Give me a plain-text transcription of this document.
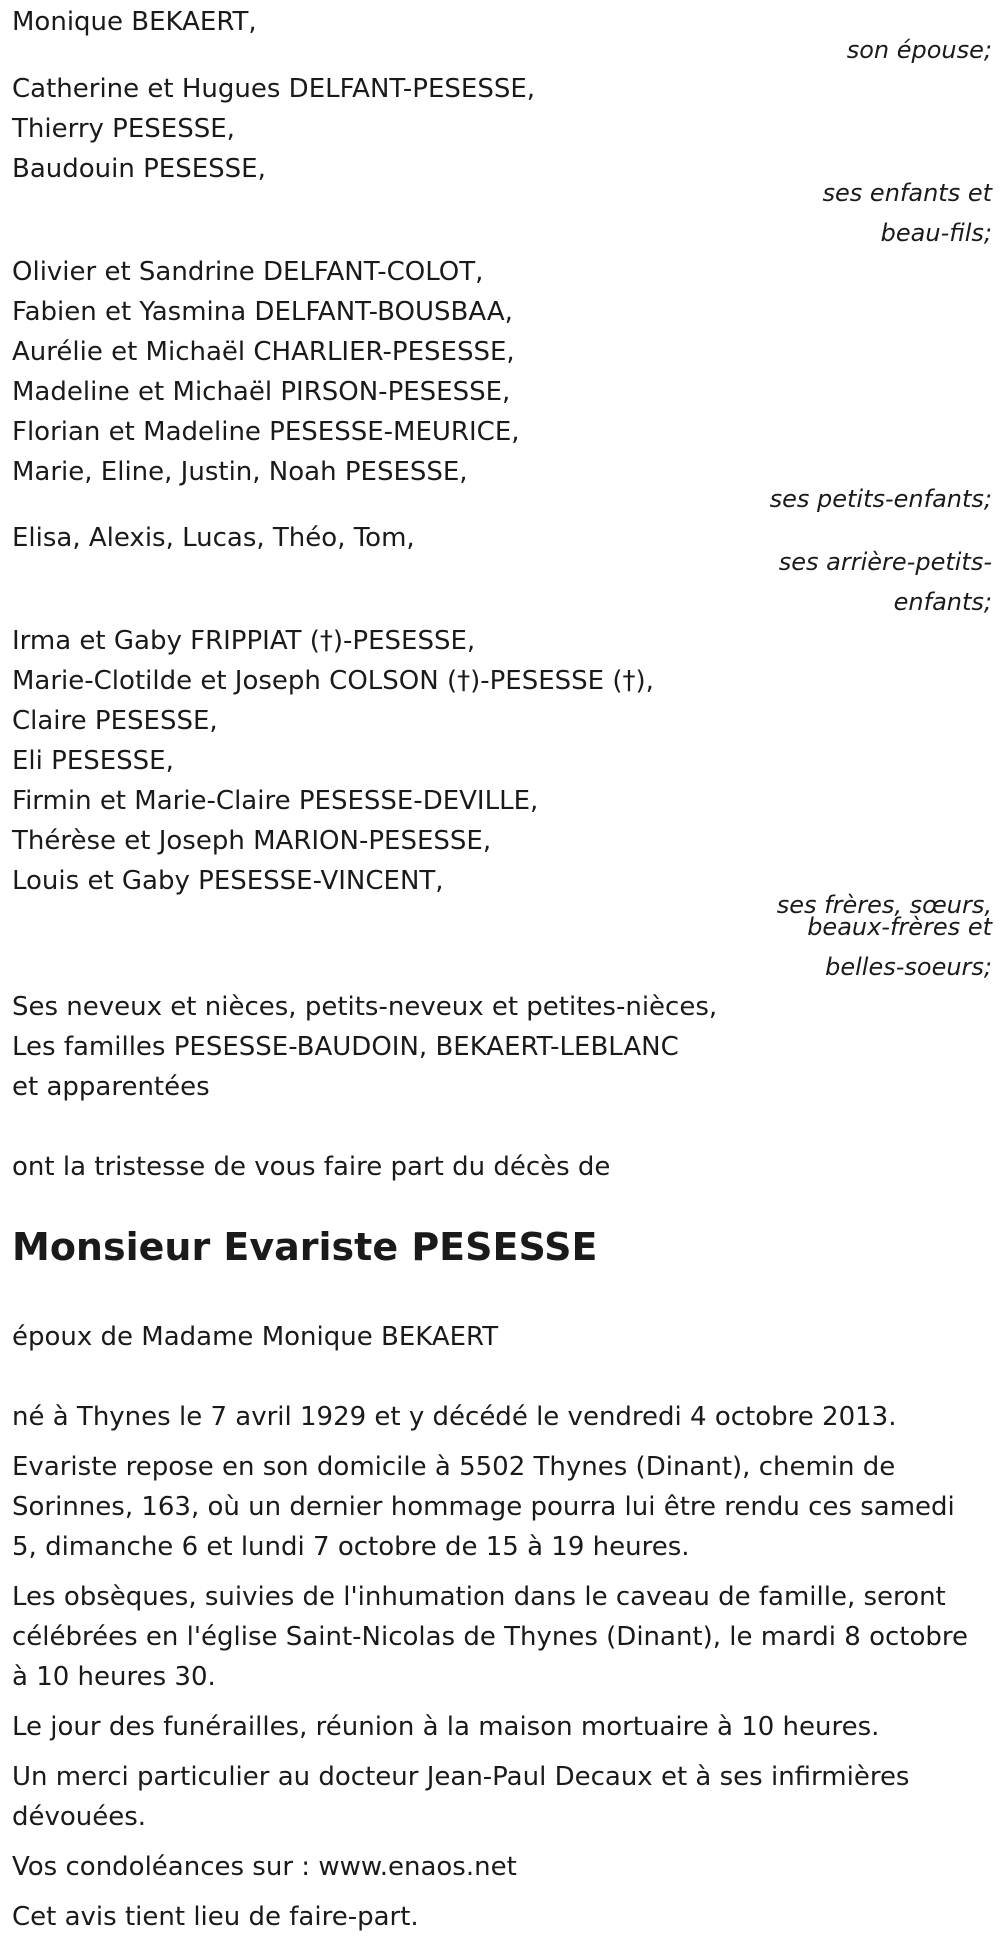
Monique BEKAERT,
son épouse;
Catherine et Hugues DELFANT-PESESSE,
Thierry PESESSE,
Baudouin PESESSE,
ses enfants et
beau-fils;
Olivier et Sandrine DELFANT-COLOT,
Fabien et Yasmina DELFANT-BOUSBAA,
Aurélie et Michaël CHARLIER-PESESSE,
Madeline et Michaël PIRSON-PESESSE,
Florian et Madeline PESESSE-MEURICE,
Marie, Eline, Justin, Noah PESESSE,
ses petits-enfants;
Elisa, Alexis, Lucas, Théo, Tom,
ses arrière-petits-
enfants;
Irma et Gaby FRIPPIAT (†)-PESESSE,
Marie-Clotilde et Joseph COLSON (†)-PESESSE (†),
Claire PESESSE,
Eli PESESSE,
Firmin et Marie-Claire PESESSE-DEVILLE,
Thérèse et Joseph MARION-PESESSE,
Louis et Gaby PESESSE-VINCENT,
ses frères, sœurs,
beaux-frères et
belles-soeurs;
Ses neveux et nièces, petits-neveux et petites-nièces,
Les familles PESESSE-BAUDOIN, BEKAERT-LEBLANC
et apparentées
ont la tristesse de vous faire part du décès de
Monsieur Evariste PESESSE
époux de Madame Monique BEKAERT
né à Thynes le 7 avril 1929 et y décédé le vendredi 4 octobre 2013.
Evariste repose en son domicile à 5502 Thynes (Dinant), chemin de
Sorinnes, 163, où un dernier hommage pourra lui être rendu ces samedi
5, dimanche 6 et lundi 7 octobre de 15 à 19 heures.
Les obsèques, suivies de l'inhumation dans le caveau de famille, seront
célébrées en l'église Saint-Nicolas de Thynes (Dinant), le mardi 8 octobre
à 10 heures 30.
Le jour des funérailles, réunion à la maison mortuaire à 10 heures.
Un merci particulier au docteur Jean-Paul Decaux et à ses infirmières
dévouées.
Vos condoléances sur : www.enaos.net
Cet avis tient lieu de faire-part.
